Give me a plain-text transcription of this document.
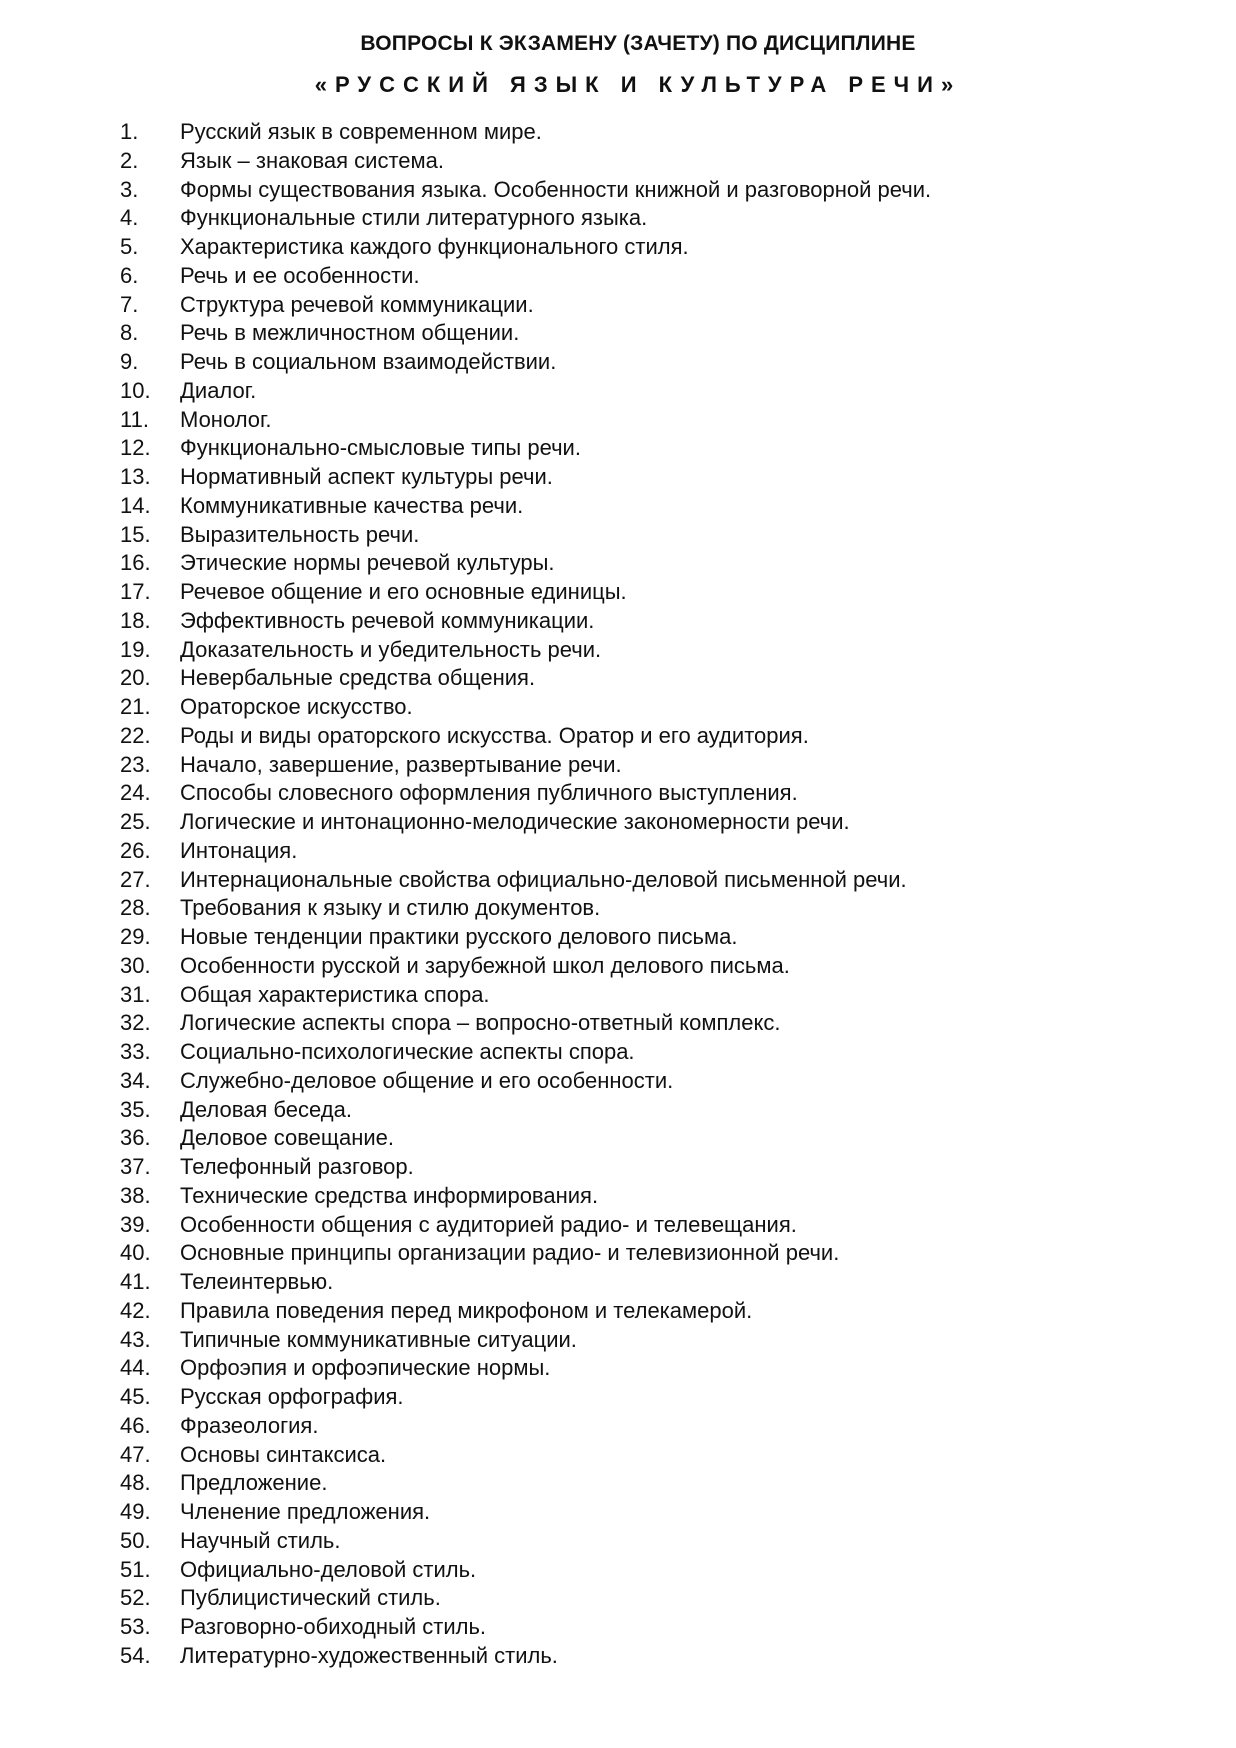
ВОПРОСЫ К ЭКЗАМЕНУ (ЗАЧЕТУ) ПО ДИСЦИПЛИНЕ
«РУССКИЙ ЯЗЫК И КУЛЬТУРА РЕЧИ»
1.	Русский язык в современном мире.
2.	Язык – знаковая система.
3.	Формы существования языка. Особенности книжной и разговорной речи.
4.	Функциональные стили литературного языка.
5.	Характеристика каждого функционального стиля.
6.	Речь и ее особенности.
7.	Структура речевой коммуникации.
8.	Речь в межличностном общении.
9.	Речь в социальном взаимодействии.
10.	Диалог.
11.	Монолог.
12.	Функционально-смысловые типы речи.
13.	Нормативный аспект культуры речи.
14.	Коммуникативные качества речи.
15.	Выразительность речи.
16.	Этические нормы речевой культуры.
17.	Речевое общение и его основные единицы.
18.	Эффективность речевой коммуникации.
19.	Доказательность и убедительность речи.
20.	Невербальные средства общения.
21.	Ораторское искусство.
22.	Роды и виды ораторского искусства. Оратор и его аудитория.
23.	Начало, завершение, развертывание речи.
24.	Способы словесного оформления публичного выступления.
25.	Логические и интонационно-мелодические закономерности речи.
26.	Интонация.
27.	Интернациональные свойства официально-деловой письменной речи.
28.	Требования к языку и стилю документов.
29.	Новые тенденции практики русского делового письма.
30.	Особенности русской и зарубежной школ делового письма.
31.	Общая характеристика спора.
32.	Логические аспекты спора – вопросно-ответный комплекс.
33.	Социально-психологические аспекты спора.
34.	Служебно-деловое общение и его особенности.
35.	Деловая беседа.
36.	Деловое совещание.
37.	Телефонный разговор.
38.	Технические средства информирования.
39.	Особенности общения с аудиторией радио- и телевещания.
40.	Основные принципы организации радио- и телевизионной речи.
41.	Телеинтервью.
42.	Правила поведения перед микрофоном и телекамерой.
43.	Типичные коммуникативные ситуации.
44.	Орфоэпия и орфоэпические нормы.
45.	Русская орфография.
46.	Фразеология.
47.	Основы синтаксиса.
48.	Предложение.
49.	Членение предложения.
50.	Научный стиль.
51.	Официально-деловой стиль.
52.	Публицистический стиль.
53.	Разговорно-обиходный стиль.
54.	Литературно-художественный стиль.
